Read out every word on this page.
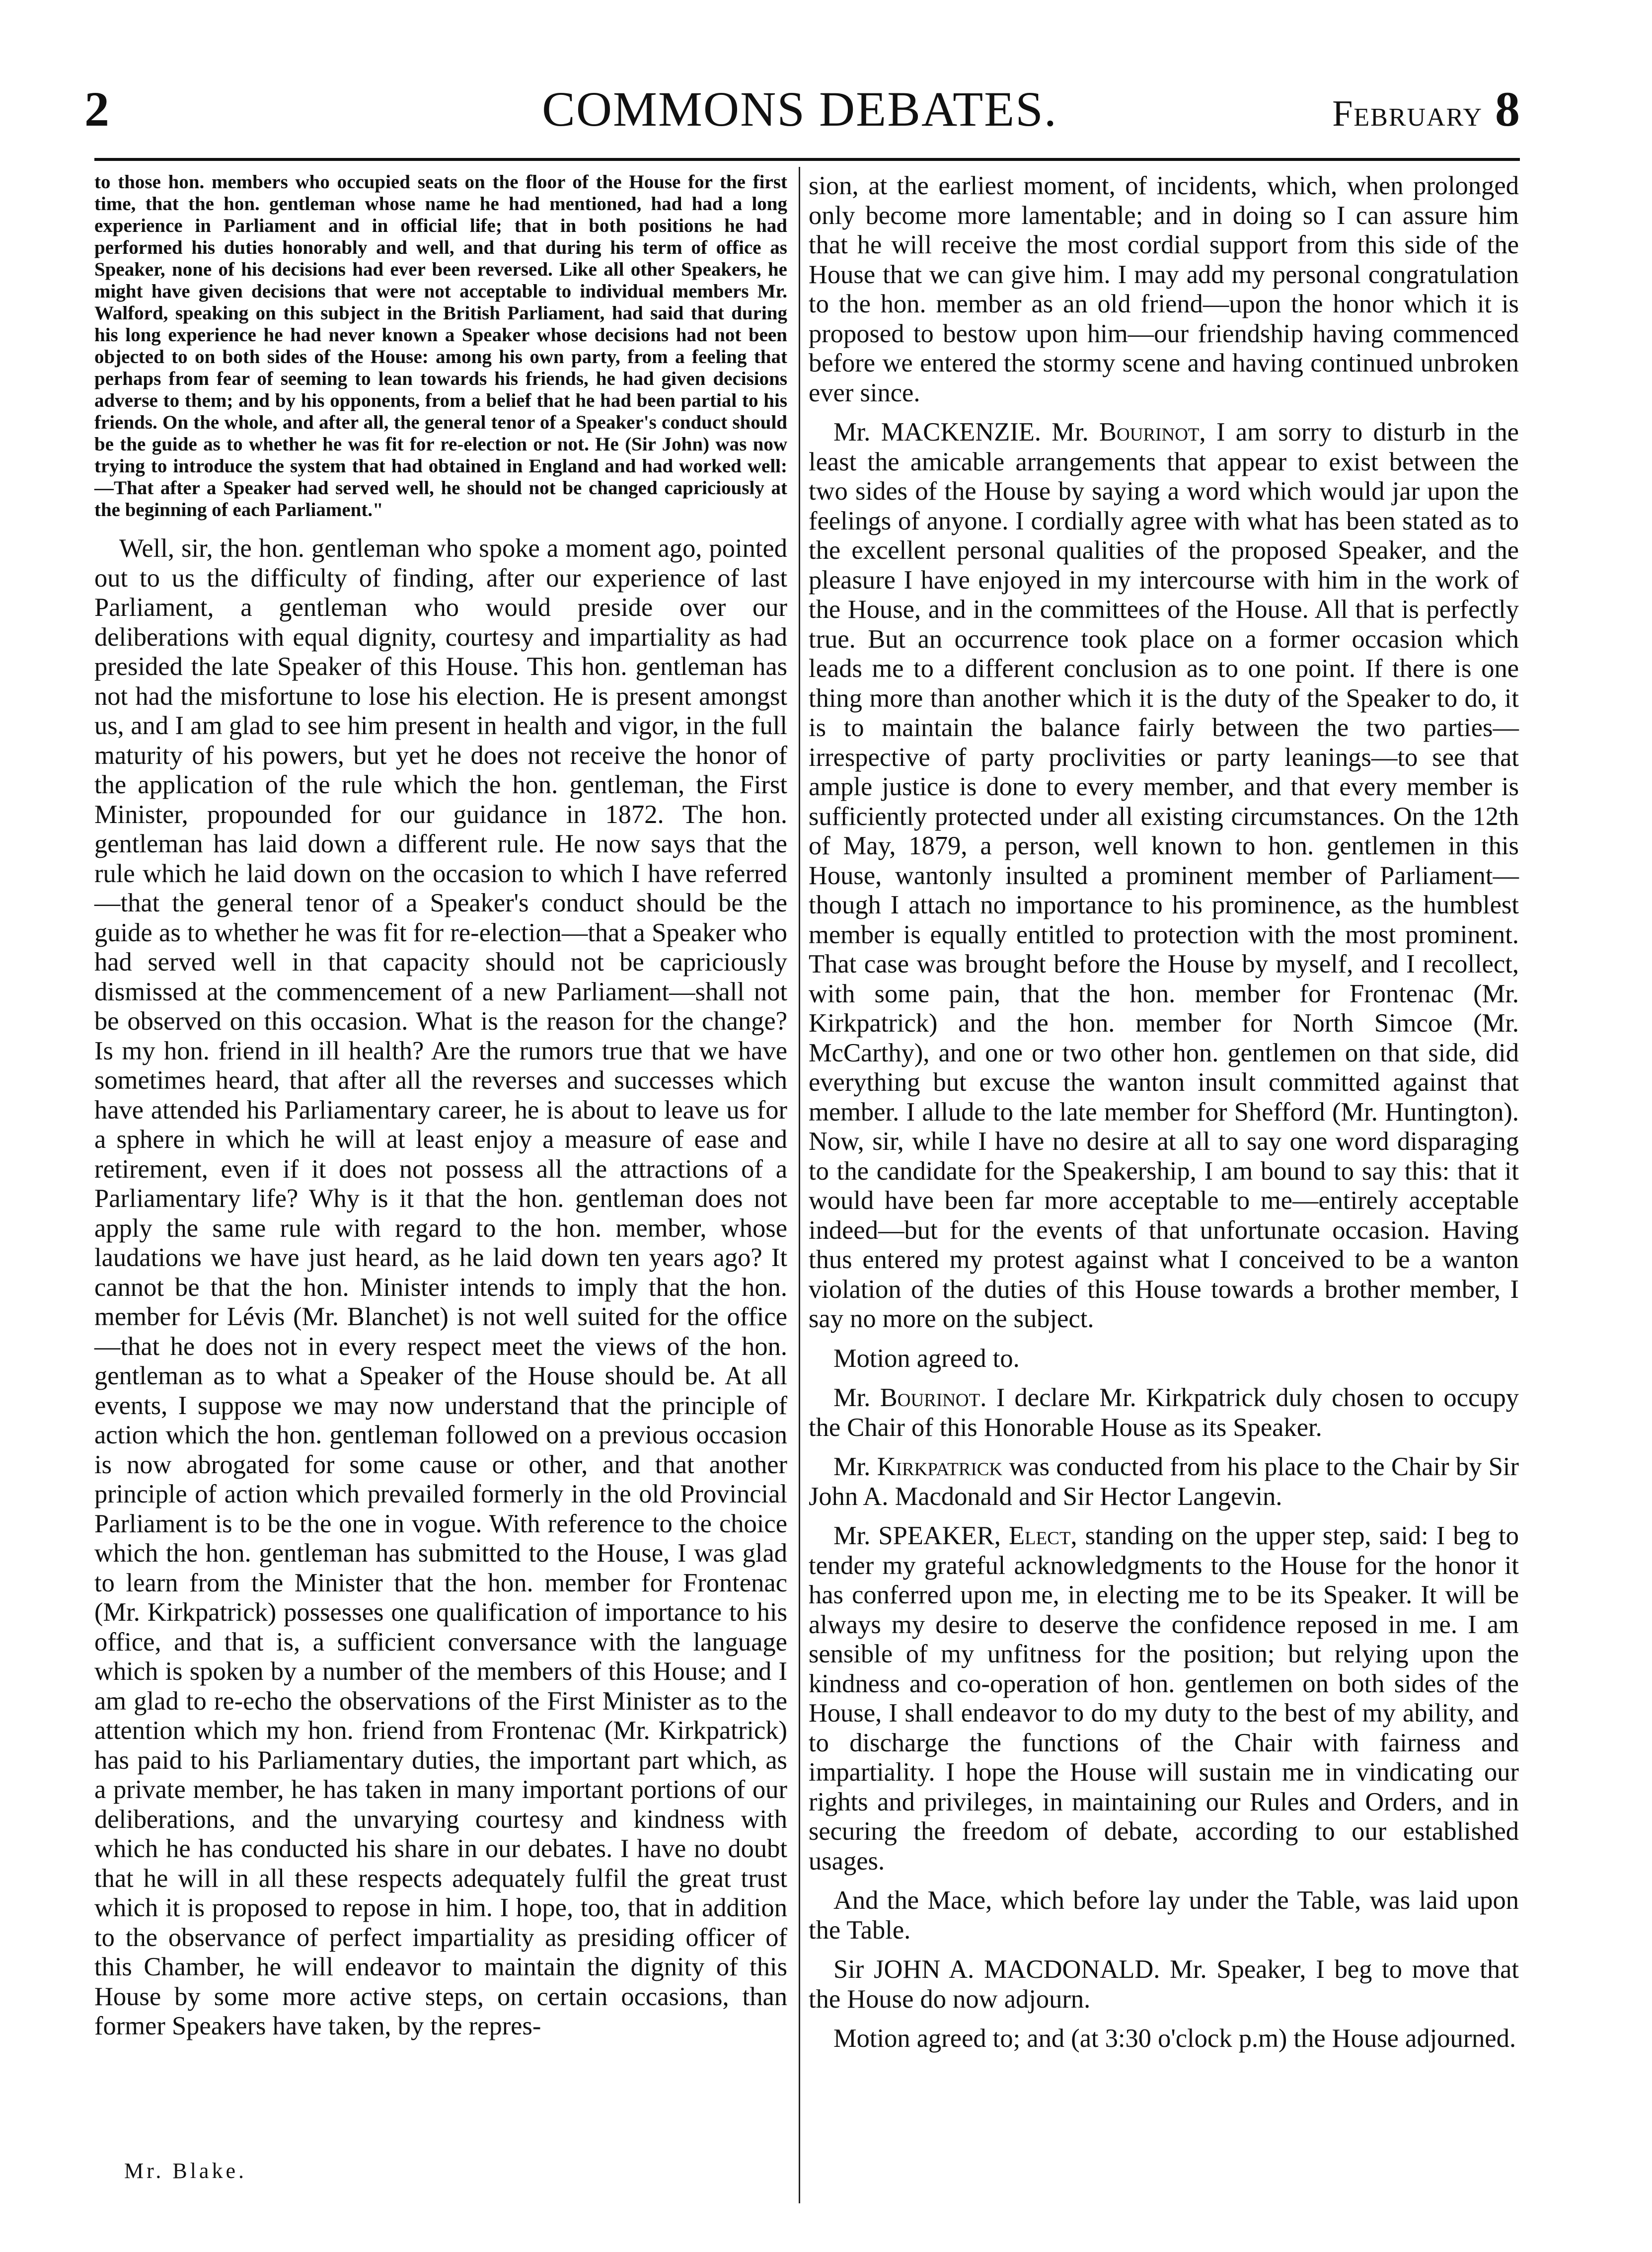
2	COMMONS DEBATES.	February 8

to those hon. members who occupied seats on the floor of the House for the first time, that the hon. gentleman whose name he had mentioned, had had a long experience in Parliament and in official life; that in both positions he had performed his duties honorably and well, and that during his term of office as Speaker, none of his decisions had ever been reversed. Like all other Speakers, he might have given decisions that were not acceptable to individual members Mr. Walford, speaking on this subject in the British Parliament, had said that during his long experience he had never known a Speaker whose decisions had not been objected to on both sides of the House: among his own party, from a feeling that perhaps from fear of seeming to lean towards his friends, he had given decisions adverse to them; and by his opponents, from a belief that he had been partial to his friends. On the whole, and after all, the general tenor of a Speaker's conduct should be the guide as to whether he was fit for re-election or not. He (Sir John) was now trying to introduce the system that had obtained in England and had worked well:—That after a Speaker had served well, he should not be changed capriciously at the beginning of each Parliament."

Well, sir, the hon. gentleman who spoke a moment ago, pointed out to us the difficulty of finding, after our experience of last Parliament, a gentleman who would preside over our deliberations with equal dignity, courtesy and impartiality as had presided the late Speaker of this House. This hon. gentleman has not had the misfortune to lose his election. He is present amongst us, and I am glad to see him present in health and vigor, in the full maturity of his powers, but yet he does not receive the honor of the application of the rule which the hon. gentleman, the First Minister, propounded for our guidance in 1872. The hon. gentleman has laid down a different rule. He now says that the rule which he laid down on the occasion to which I have referred—that the general tenor of a Speaker's conduct should be the guide as to whether he was fit for re-election—that a Speaker who had served well in that capacity should not be capriciously dismissed at the commencement of a new Parliament—shall not be observed on this occasion. What is the reason for the change? Is my hon. friend in ill health? Are the rumors true that we have sometimes heard, that after all the reverses and successes which have attended his Parliamentary career, he is about to leave us for a sphere in which he will at least enjoy a measure of ease and retirement, even if it does not possess all the attractions of a Parliamentary life? Why is it that the hon. gentleman does not apply the same rule with regard to the hon. member, whose laudations we have just heard, as he laid down ten years ago? It cannot be that the hon. Minister intends to imply that the hon. member for Lévis (Mr. Blanchet) is not well suited for the office—that he does not in every respect meet the views of the hon. gentleman as to what a Speaker of the House should be. At all events, I suppose we may now understand that the principle of action which the hon. gentleman followed on a previous occasion is now abrogated for some cause or other, and that another principle of action which prevailed formerly in the old Provincial Parliament is to be the one in vogue. With reference to the choice which the hon. gentleman has submitted to the House, I was glad to learn from the Minister that the hon. member for Frontenac (Mr. Kirkpatrick) possesses one qualification of importance to his office, and that is, a sufficient conversance with the language which is spoken by a number of the members of this House; and I am glad to re-echo the observations of the First Minister as to the attention which my hon. friend from Frontenac (Mr. Kirkpatrick) has paid to his Parliamentary duties, the important part which, as a private member, he has taken in many important portions of our deliberations, and the unvarying courtesy and kindness with which he has conducted his share in our debates. I have no doubt that he will in all these respects adequately fulfil the great trust which it is proposed to repose in him. I hope, too, that in addition to the observance of perfect impartiality as presiding officer of this Chamber, he will endeavor to maintain the dignity of this House by some more active steps, on certain occasions, than former Speakers have taken, by the repres-

sion, at the earliest moment, of incidents, which, when prolonged only become more lamentable; and in doing so I can assure him that he will receive the most cordial support from this side of the House that we can give him. I may add my personal congratulation to the hon. member as an old friend—upon the honor which it is proposed to bestow upon him—our friendship having commenced before we entered the stormy scene and having continued unbroken ever since.

Mr. MACKENZIE. Mr. Bourinot, I am sorry to disturb in the least the amicable arrangements that appear to exist between the two sides of the House by saying a word which would jar upon the feelings of anyone. I cordially agree with what has been stated as to the excellent personal qualities of the proposed Speaker, and the pleasure I have enjoyed in my intercourse with him in the work of the House, and in the committees of the House. All that is perfectly true. But an occurrence took place on a former occasion which leads me to a different conclusion as to one point. If there is one thing more than another which it is the duty of the Speaker to do, it is to maintain the balance fairly between the two parties—irrespective of party proclivities or party leanings—to see that ample justice is done to every member, and that every member is sufficiently protected under all existing circumstances. On the 12th of May, 1879, a person, well known to hon. gentlemen in this House, wantonly insulted a prominent member of Parliament—though I attach no importance to his prominence, as the humblest member is equally entitled to protection with the most prominent. That case was brought before the House by myself, and I recollect, with some pain, that the hon. member for Frontenac (Mr. Kirkpatrick) and the hon. member for North Simcoe (Mr. McCarthy), and one or two other hon. gentlemen on that side, did everything but excuse the wanton insult committed against that member. I allude to the late member for Shefford (Mr. Huntington). Now, sir, while I have no desire at all to say one word disparaging to the candidate for the Speakership, I am bound to say this: that it would have been far more acceptable to me—entirely acceptable indeed—but for the events of that unfortunate occasion. Having thus entered my protest against what I conceived to be a wanton violation of the duties of this House towards a brother member, I say no more on the subject.

Motion agreed to.

Mr. Bourinot. I declare Mr. Kirkpatrick duly chosen to occupy the Chair of this Honorable House as its Speaker.

Mr. Kirkpatrick was conducted from his place to the Chair by Sir John A. Macdonald and Sir Hector Langevin.

Mr. SPEAKER, Elect, standing on the upper step, said: I beg to tender my grateful acknowledgments to the House for the honor it has conferred upon me, in electing me to be its Speaker. It will be always my desire to deserve the confidence reposed in me. I am sensible of my unfitness for the position; but relying upon the kindness and co-operation of hon. gentlemen on both sides of the House, I shall endeavor to do my duty to the best of my ability, and to discharge the functions of the Chair with fairness and impartiality. I hope the House will sustain me in vindicating our rights and privileges, in maintaining our Rules and Orders, and in securing the freedom of debate, according to our established usages.

And the Mace, which before lay under the Table, was laid upon the Table.

Sir JOHN A. MACDONALD. Mr. Speaker, I beg to move that the House do now adjourn.

Motion agreed to; and (at 3:30 o'clock p.m) the House adjourned.

Mr. Blake.
